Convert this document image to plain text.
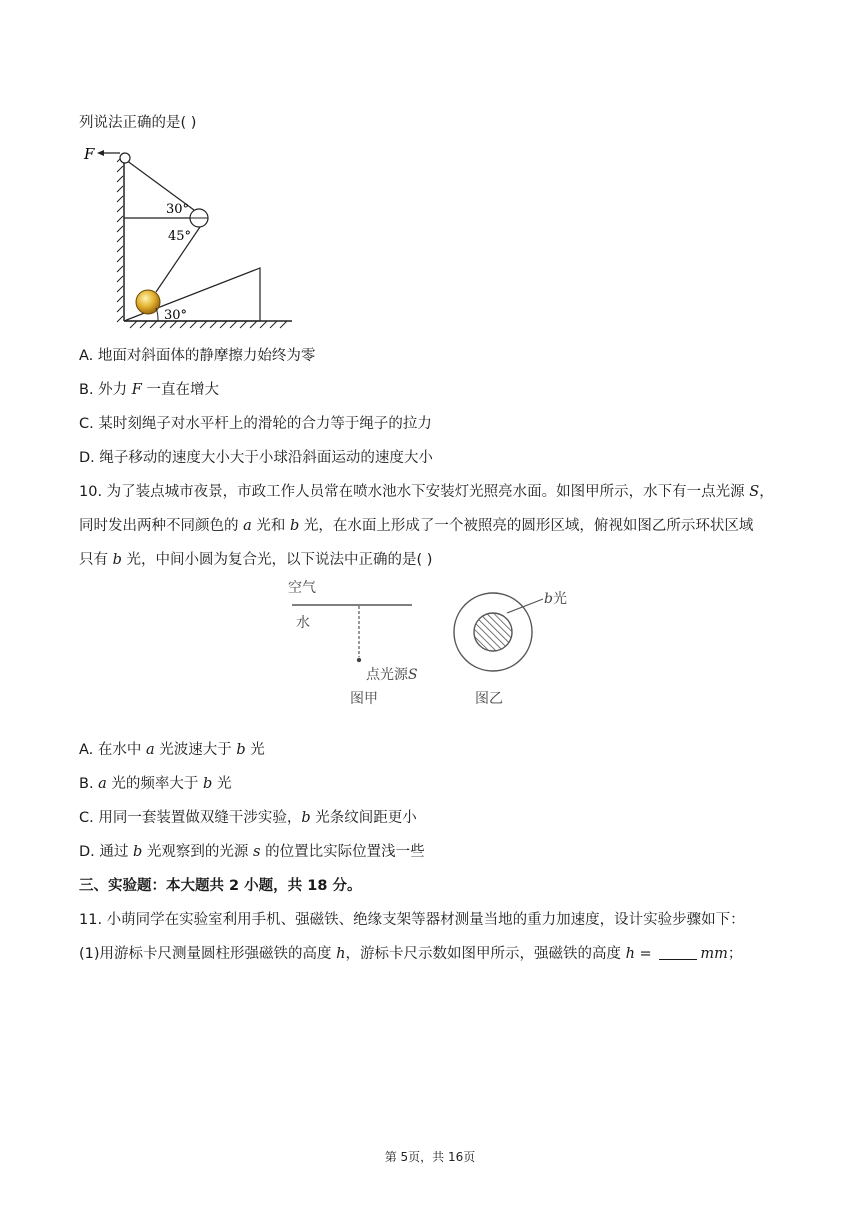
列说法正确的是( )
F
30°
45°
30°
A. 地面对斜面体的静摩擦力始终为零
B. 外力 F 一直在增大
C. 某时刻绳子对水平杆上的滑轮的合力等于绳子的拉力
D. 绳子移动的速度大小大于小球沿斜面运动的速度大小
10. 为了装点城市夜景，市政工作人员常在喷水池水下安装灯光照亮水面。如图甲所示，水下有一点光源 S，
同时发出两种不同颜色的 a 光和 b 光，在水面上形成了一个被照亮的圆形区域，俯视如图乙所示环状区域
只有 b 光，中间小圆为复合光，以下说法中正确的是( )
空气
水
点光源S
图甲
b光
图乙
A. 在水中 a 光波速大于 b 光
B. a 光的频率大于 b 光
C. 用同一套装置做双缝干涉实验，b 光条纹间距更小
D. 通过 b 光观察到的光源 s 的位置比实际位置浅一些
三、实验题：本大题共 2 小题，共 18 分。
11. 小萌同学在实验室利用手机、强磁铁、绝缘支架等器材测量当地的重力加速度，设计实验步骤如下：
(1)用游标卡尺测量圆柱形强磁铁的高度 h，游标卡尺示数如图甲所示，强磁铁的高度 h =	mm；
第 5页，共 16页
